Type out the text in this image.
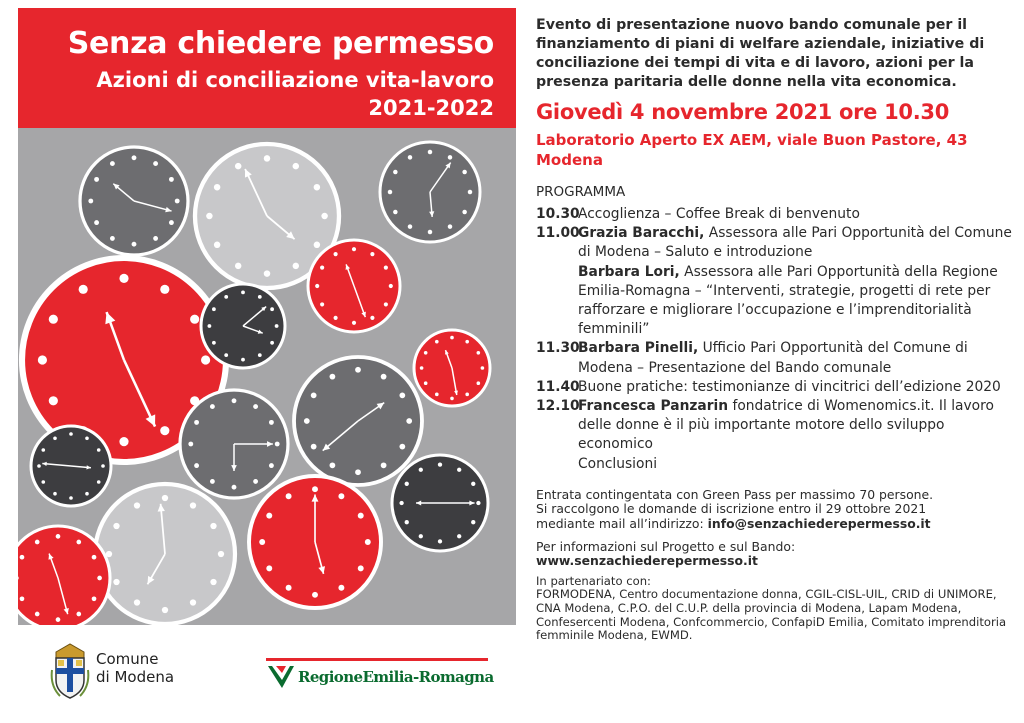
Senza chiedere permesso
Azioni di conciliazione vita-lavoro
2021-2022
Comune
di Modena	RegioneEmilia-Romagna
Evento di presentazione nuovo bando comunale per il finanziamento di piani di welfare aziendale, iniziative di conciliazione dei tempi di vita e di lavoro, azioni per la presenza paritaria delle donne nella vita economica.
Giovedì 4 novembre 2021 ore 10.30
Laboratorio Aperto EX AEM, viale Buon Pastore, 43
Modena
PROGRAMMA
10.30
Accoglienza – Coffee Break di benvenuto
11.00
Grazia Baracchi, Assessora alle Pari Opportunità del Comune di Modena – Saluto e introduzione
Barbara Lori, Assessora alle Pari Opportunità della Regione Emilia-Romagna – “Interventi, strategie, progetti di rete per rafforzare e migliorare l’occupazione e l’imprenditorialità femminili”
11.30
Barbara Pinelli, Ufficio Pari Opportunità del Comune di Modena – Presentazione del Bando comunale
11.40
Buone pratiche: testimonianze di vincitrici dell’edizione 2020
12.10
Francesca Panzarin fondatrice di Womenomics.it. Il lavoro delle donne è il più importante motore dello sviluppo economico
Conclusioni
Entrata contingentata con Green Pass per massimo 70 persone.
Si raccolgono le domande di iscrizione entro il 29 ottobre 2021
mediante mail all’indirizzo: info@senzachiederepermesso.it
Per informazioni sul Progetto e sul Bando:
www.senzachiederepermesso.it
In partenariato con:
FORMODENA, Centro documentazione donna, CGIL-CISL-UIL, CRID di UNIMORE, CNA Modena, C.P.O. del C.U.P. della provincia di Modena, Lapam Modena, Confesercenti Modena, Confcommercio, ConfapiD Emilia, Comitato imprenditoria femminile Modena, EWMD.
